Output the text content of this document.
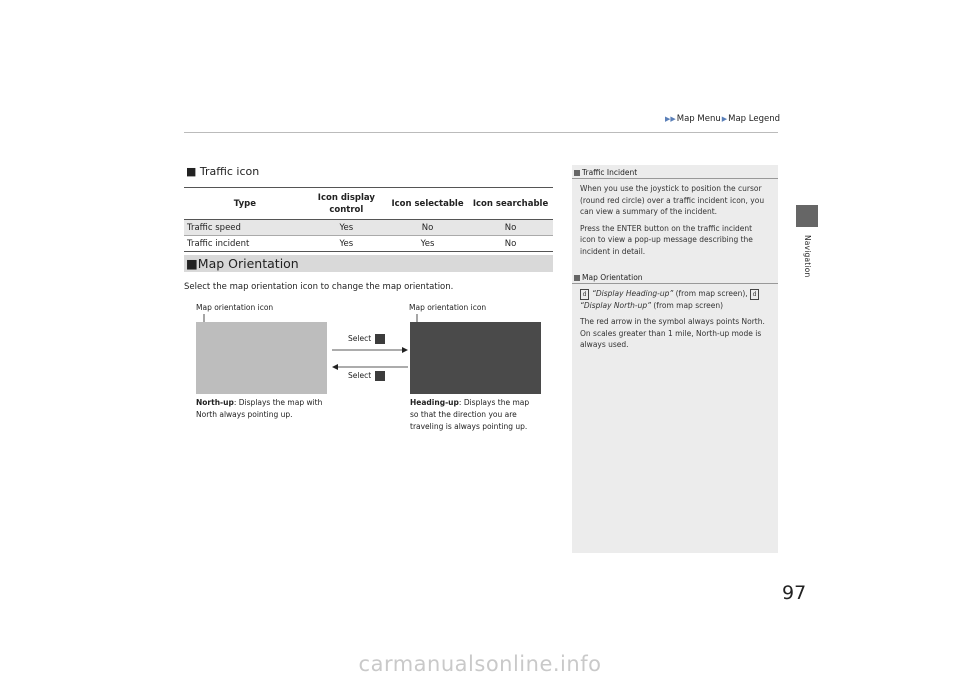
▶▶Map Menu▶Map Legend
Navigation
97
■ Traffic icon
Type	Icon display control	Icon selectable	Icon searchable
Traffic speed	Yes	No	No
Traffic incident	Yes	Yes	No
■Map Orientation
Select the map orientation icon to change the map orientation.
Map orientation icon	Map orientation icon
Select
Select
North-up: Displays the map with
North always pointing up.
Heading-up: Displays the map
so that the direction you are
traveling is always pointing up.
Traffic Incident
When you use the joystick to position the cursor
(round red circle) over a traffic incident icon, you
can view a summary of the incident.
Press the ENTER button on the traffic incident
icon to view a pop-up message describing the
incident in detail.
Map Orientation
d “Display Heading-up” (from map screen), d
“Display North-up” (from map screen)
The red arrow in the symbol always points North.
On scales greater than 1 mile, North-up mode is
always used.
carmanualsonline.info
